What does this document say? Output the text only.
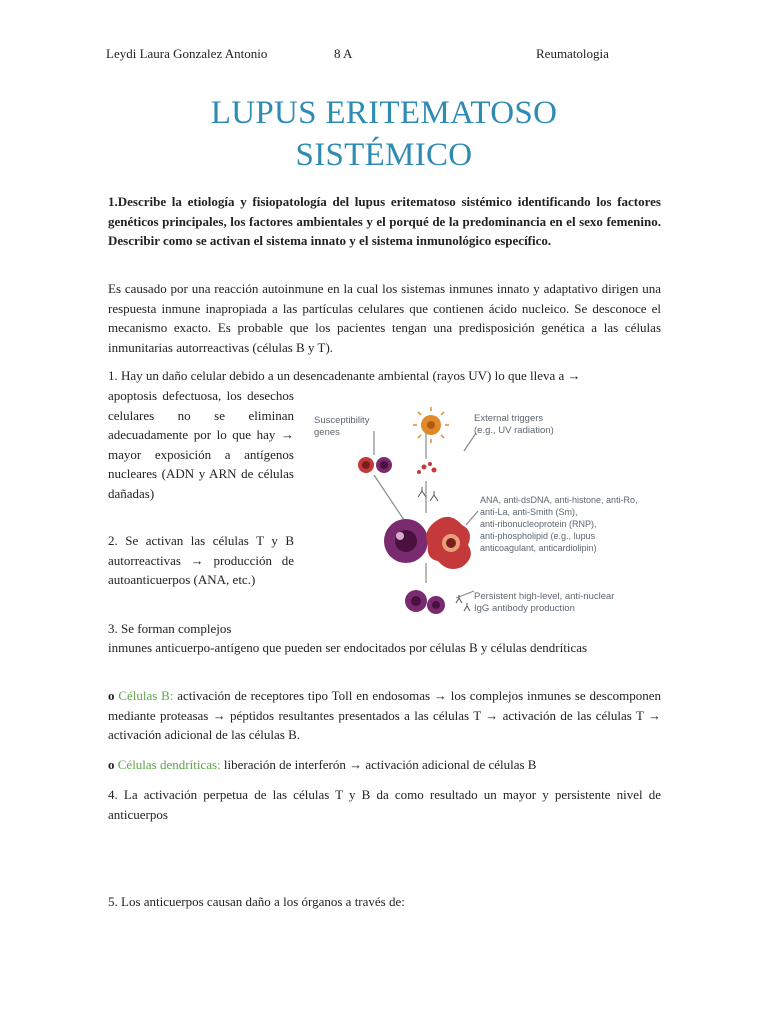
Leydi Laura Gonzalez Antonio	8 A	Reumatologia
LUPUS ERITEMATOSO
SISTÉMICO

1.Describe la etiología y fisiopatología del lupus eritematoso sistémico identificando los factores genéticos principales, los factores ambientales y el porqué de la predominancia en el sexo femenino. Describir como se activan el sistema innato y el sistema inmunológico específico.

Es causado por una reacción autoinmune en la cual los sistemas inmunes innato y adaptativo dirigen una respuesta inmune inapropiada a las partículas celulares que contienen ácido nucleico. Se desconoce el mecanismo exacto. Es probable que los pacientes tengan una predisposición genética a las células inmunitarias autorreactivas (células B y T).

1. Hay un daño celular debido a un desencadenante ambiental (rayos UV) lo que lleva a →

apoptosis defectuosa, los desechos celulares no se eliminan adecuadamente por lo que hay → mayor exposición a antígenos nucleares (ADN y ARN de células dañadas)

2. Se activan las células T y B autorreactivas → producción de autoanticuerpos (ANA, etc.)

3. Se forman complejos

inmunes anticuerpo-antígeno que pueden ser endocitados por células B y células dendríticas

o Células B: activación de receptores tipo Toll en endosomas → los complejos inmunes se descomponen mediante proteasas → péptidos resultantes presentados a las células T → activación de las células T → activación adicional de las células B.

o Células dendríticas: liberación de interferón → activación adicional de células B

4. La activación perpetua de las células T y B da como resultado un mayor y persistente nivel de anticuerpos

5. Los anticuerpos causan daño a los órganos a través de:

Susceptibility
genes
External triggers
(e.g., UV radiation)
ANA, anti-dsDNA, anti-histone, anti-Ro,
anti-La, anti-Smith (Sm),
anti-ribonucleoprotein (RNP),
anti-phospholipid (e.g., lupus
anticoagulant, anticardiolipin)
Persistent high-level, anti-nuclear
IgG antibody production
